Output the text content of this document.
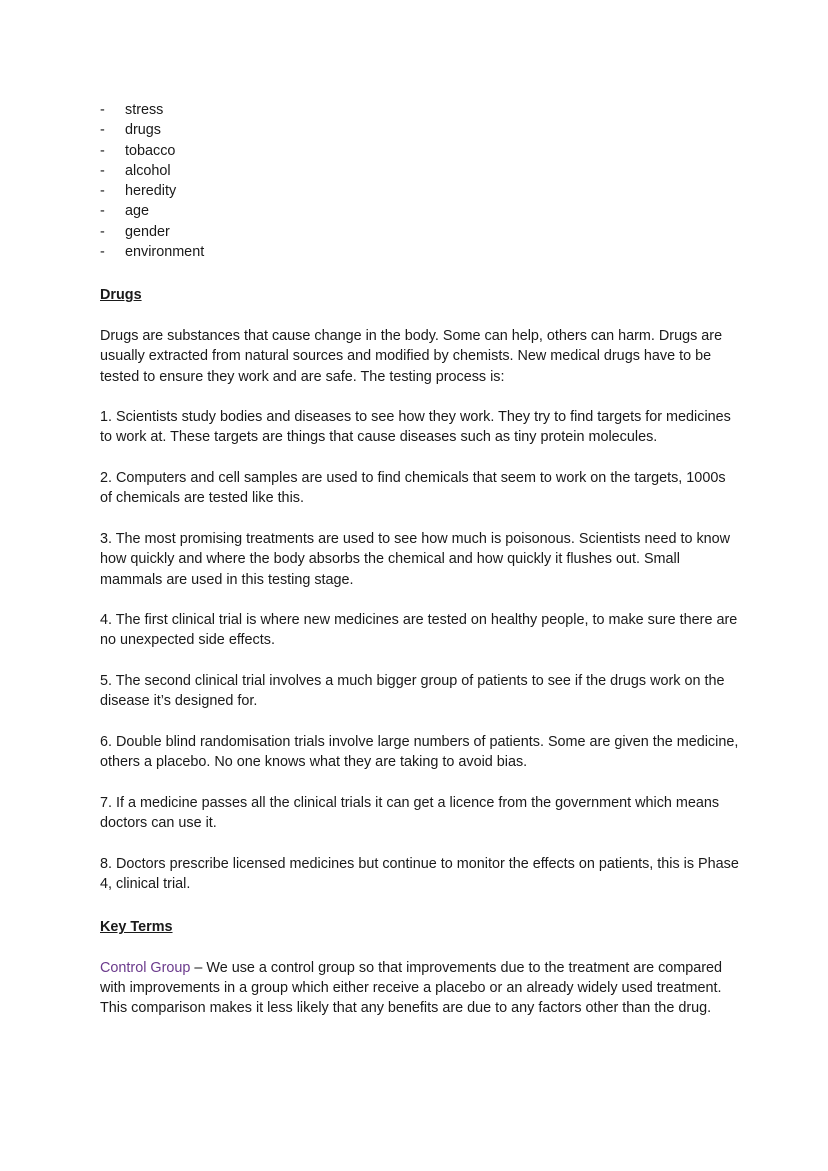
- stress
- drugs
- tobacco
- alcohol
- heredity
- age
- gender
- environment
Drugs

Drugs are substances that cause change in the body. Some can help, others can harm. Drugs are usually extracted from natural sources and modified by chemists. New medical drugs have to be tested to ensure they work and are safe. The testing process is:

1. Scientists study bodies and diseases to see how they work. They try to find targets for medicines to work at. These targets are things that cause diseases such as tiny protein molecules.

2. Computers and cell samples are used to find chemicals that seem to work on the targets, 1000s of chemicals are tested like this.

3. The most promising treatments are used to see how much is poisonous. Scientists need to know how quickly and where the body absorbs the chemical and how quickly it flushes out. Small mammals are used in this testing stage.

4. The first clinical trial is where new medicines are tested on healthy people, to make sure there are no unexpected side effects.

5. The second clinical trial involves a much bigger group of patients to see if the drugs work on the disease it’s designed for.

6. Double blind randomisation trials involve large numbers of patients. Some are given the medicine, others a placebo. No one knows what they are taking to avoid bias.

7. If a medicine passes all the clinical trials it can get a licence from the government which means doctors can use it.

8. Doctors prescribe licensed medicines but continue to monitor the effects on patients, this is Phase 4, clinical trial.

Key Terms

Control Group – We use a control group so that improvements due to the treatment are compared with improvements in a group which either receive a placebo or an already widely used treatment. This comparison makes it less likely that any benefits are due to any factors other than the drug.
